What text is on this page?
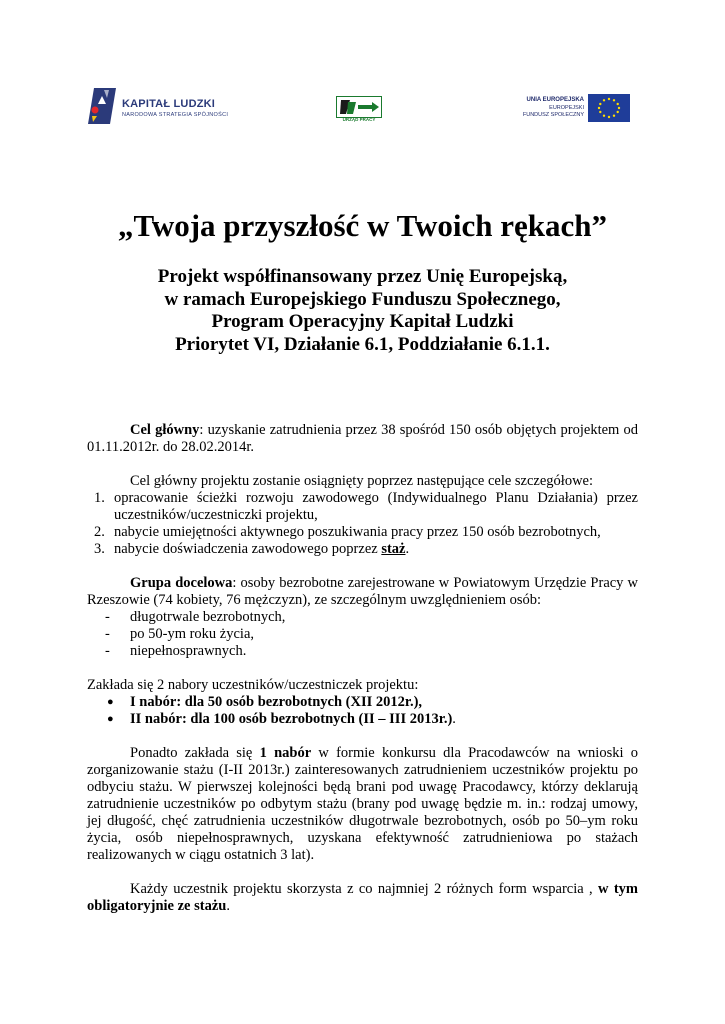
KAPITAŁ LUDZKI
NARODOWA STRATEGIA SPÓJNOŚCI
URZĄD PRACY
UNIA EUROPEJSKA
EUROPEJSKI
FUNDUSZ SPOŁECZNY
„Twoja przyszłość w Twoich rękach”
Projekt współfinansowany przez Unię Europejską,
w ramach Europejskiego Funduszu Społecznego,
Program Operacyjny Kapitał Ludzki
Priorytet VI, Działanie 6.1, Poddziałanie 6.1.1.

Cel główny: uzyskanie zatrudnienia przez 38 spośród 150 osób objętych projektem od 01.11.2012r. do 28.02.2014r.

Cel główny projektu zostanie osiągnięty poprzez następujące cele szczegółowe:

1. opracowanie ścieżki rozwoju zawodowego (Indywidualnego Planu Działania) przez uczestników/uczestniczki projektu,
2. nabycie umiejętności aktywnego poszukiwania pracy przez 150 osób bezrobotnych,
3. nabycie doświadczenia zawodowego poprzez staż.

Grupa docelowa: osoby bezrobotne zarejestrowane w Powiatowym Urzędzie Pracy w Rzeszowie (74 kobiety, 76 mężczyzn), ze szczególnym uwzględnieniem osób:

- długotrwale bezrobotnych,
- po 50-ym roku życia,
- niepełnosprawnych.

Zakłada się 2 nabory uczestników/uczestniczek projektu:

● I nabór: dla 50 osób bezrobotnych (XII 2012r.),
● II nabór: dla 100 osób bezrobotnych (II – III 2013r.).

Ponadto zakłada się 1 nabór w formie konkursu dla Pracodawców na wnioski o zorganizowanie stażu (I-II 2013r.) zainteresowanych zatrudnieniem uczestników projektu po odbyciu stażu. W pierwszej kolejności będą brani pod uwagę Pracodawcy, którzy deklarują zatrudnienie uczestników po odbytym stażu (brany pod uwagę będzie m. in.: rodzaj umowy, jej długość, chęć zatrudnienia uczestników długotrwale bezrobotnych, osób po 50–ym roku życia, osób niepełnosprawnych, uzyskana efektywność zatrudnieniowa po stażach realizowanych w ciągu ostatnich 3 lat).

Każdy uczestnik projektu skorzysta z co najmniej 2 różnych form wsparcia , w tym obligatoryjnie ze stażu.
